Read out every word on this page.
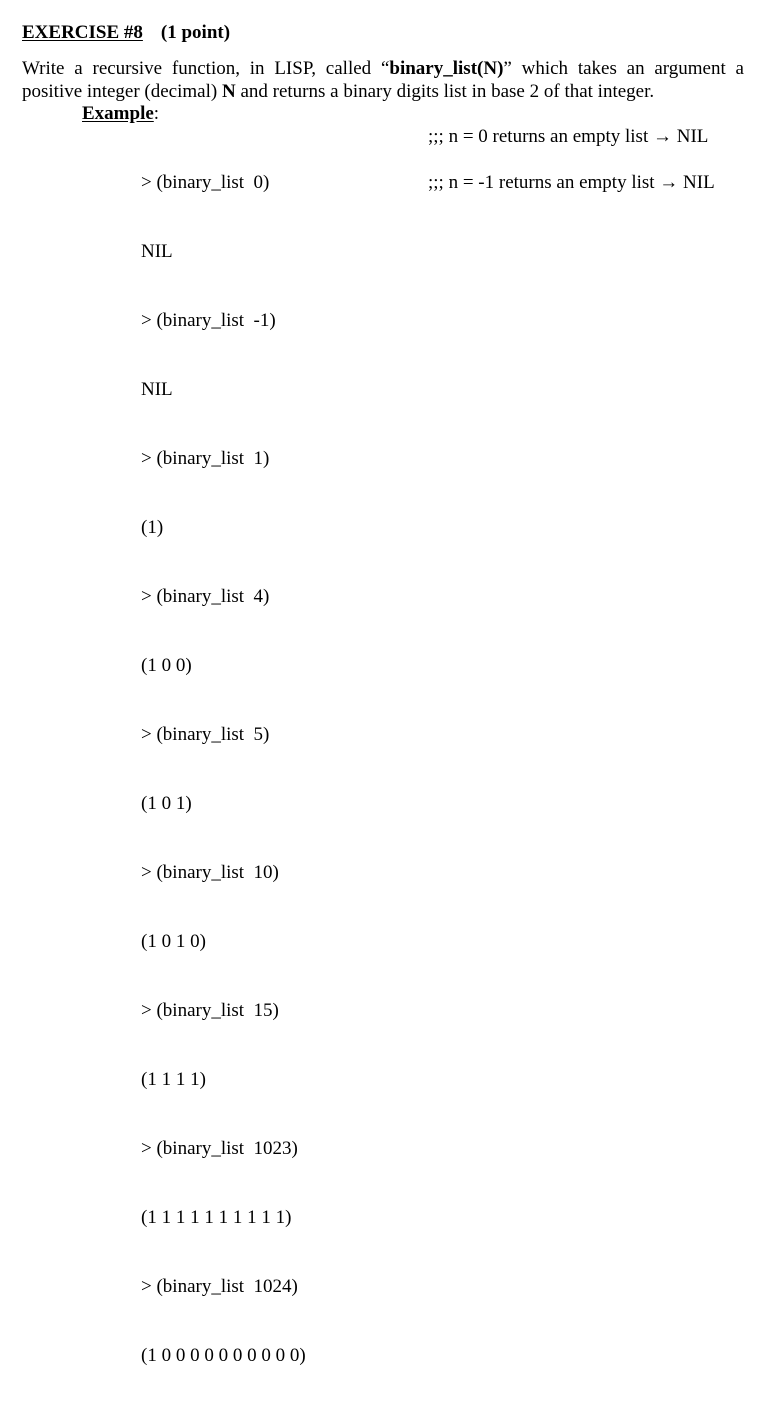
EXERCISE #8 (1 point)
Write a recursive function, in LISP, called “binary_list(N)” which takes an argument a
positive integer (decimal) N and returns a binary digits list in base 2 of that integer.
Example:

> (binary_list  0)

NIL

> (binary_list  -1)

NIL

> (binary_list  1)

(1)

> (binary_list  4)

(1 0 0)

> (binary_list  5)

(1 0 1)

> (binary_list  10)

(1 0 1 0)

> (binary_list  15)

(1 1 1 1)

> (binary_list  1023)

(1 1 1 1 1 1 1 1 1 1)

> (binary_list  1024)

(1 0 0 0 0 0 0 0 0 0 0)

;;; n = 0 returns an empty list → NIL
;;; n = -1 returns an empty list → NIL
